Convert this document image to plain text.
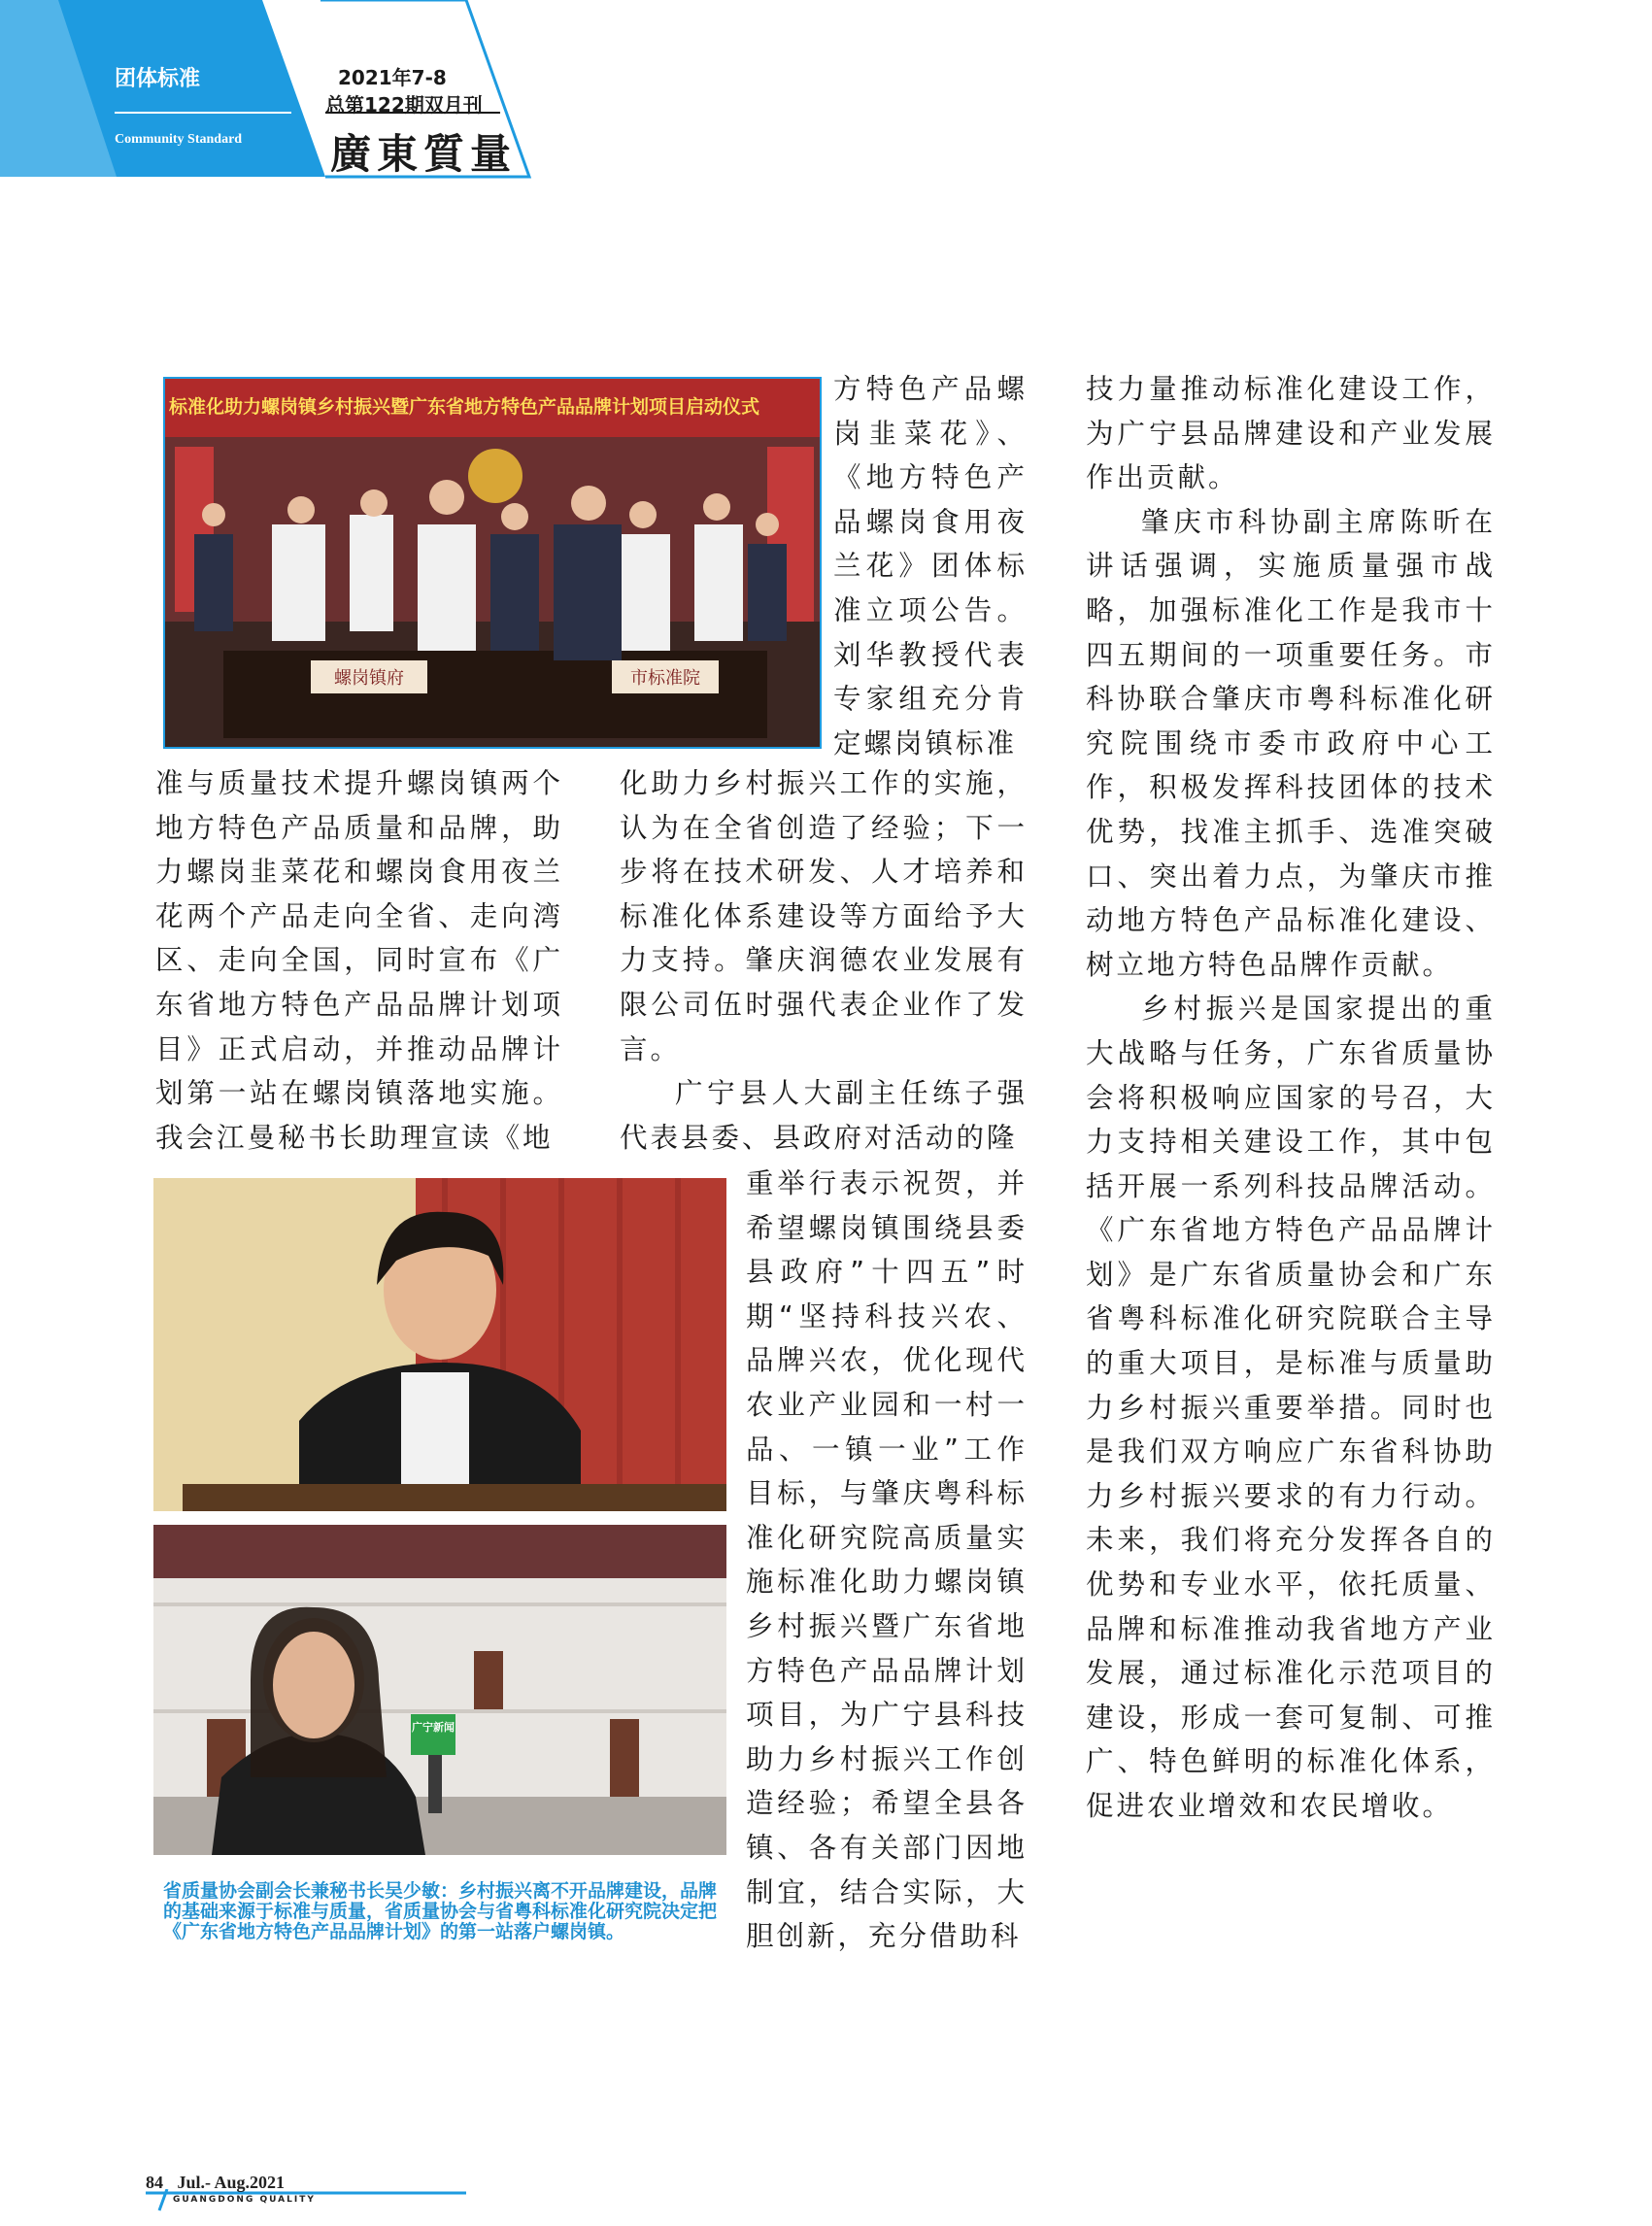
团体标准
Community Standard
2021年7-8
总第122期双月刊
廣東質量
标准化助力螺岗镇乡村振兴暨广东省地方特色产品品牌计划项目启动仪式
螺岗镇府	市标准院
广宁新闻
省质量协会副会长兼秘书长吴少敏：乡村振兴离不开品牌建设，品牌的基础来源于标准与质量，省质量协会与省粤科标准化研究院决定把《广东省地方特色产品品牌计划》的第一站落户螺岗镇。

准与质量技术提升螺岗镇两个地方特色产品质量和品牌，助力螺岗韭菜花和螺岗食用夜兰花两个产品走向全省、走向湾区、走向全国，同时宣布《广东省地方特色产品品牌计划项目》正式启动，并推动品牌计划第一站在螺岗镇落地实施。我会江曼秘书长助理宣读《地

方特色产品螺岗韭菜花》、《地方特色产品螺岗食用夜兰花》团体标准立项公告。刘华教授代表专家组充分肯定螺岗镇标准

化助力乡村振兴工作的实施，认为在全省创造了经验；下一步将在技术研发、人才培养和标准化体系建设等方面给予大力支持。肇庆润德农业发展有限公司伍时强代表企业作了发言。

广宁县人大副主任练子强代表县委、县政府对活动的隆

重举行表示祝贺，并希望螺岗镇围绕县委县政府”十四五”时期“坚持科技兴农、品牌兴农，优化现代农业产业园和一村一品、一镇一业”工作目标，与肇庆粤科标准化研究院高质量实施标准化助力螺岗镇乡村振兴暨广东省地方特色产品品牌计划项目，为广宁县科技助力乡村振兴工作创造经验；希望全县各镇、各有关部门因地制宜，结合实际，大胆创新，充分借助科

技力量推动标准化建设工作，为广宁县品牌建设和产业发展作出贡献。

肇庆市科协副主席陈昕在讲话强调，实施质量强市战略，加强标准化工作是我市十四五期间的一项重要任务。市科协联合肇庆市粤科标准化研究院围绕市委市政府中心工作，积极发挥科技团体的技术优势，找准主抓手、选准突破口、突出着力点，为肇庆市推动地方特色产品标准化建设、树立地方特色品牌作贡献。

乡村振兴是国家提出的重大战略与任务，广东省质量协会将积极响应国家的号召，大力支持相关建设工作，其中包括开展一系列科技品牌活动。《广东省地方特色产品品牌计划》是广东省质量协会和广东省粤科标准化研究院联合主导的重大项目，是标准与质量助力乡村振兴重要举措。同时也是我们双方响应广东省科协助力乡村振兴要求的有力行动。未来，我们将充分发挥各自的优势和专业水平，依托质量、品牌和标准推动我省地方产业发展，通过标准化示范项目的建设，形成一套可复制、可推广、特色鲜明的标准化体系，促进农业增效和农民增收。

84 Jul.- Aug.2021
GUANGDONG QUALITY
